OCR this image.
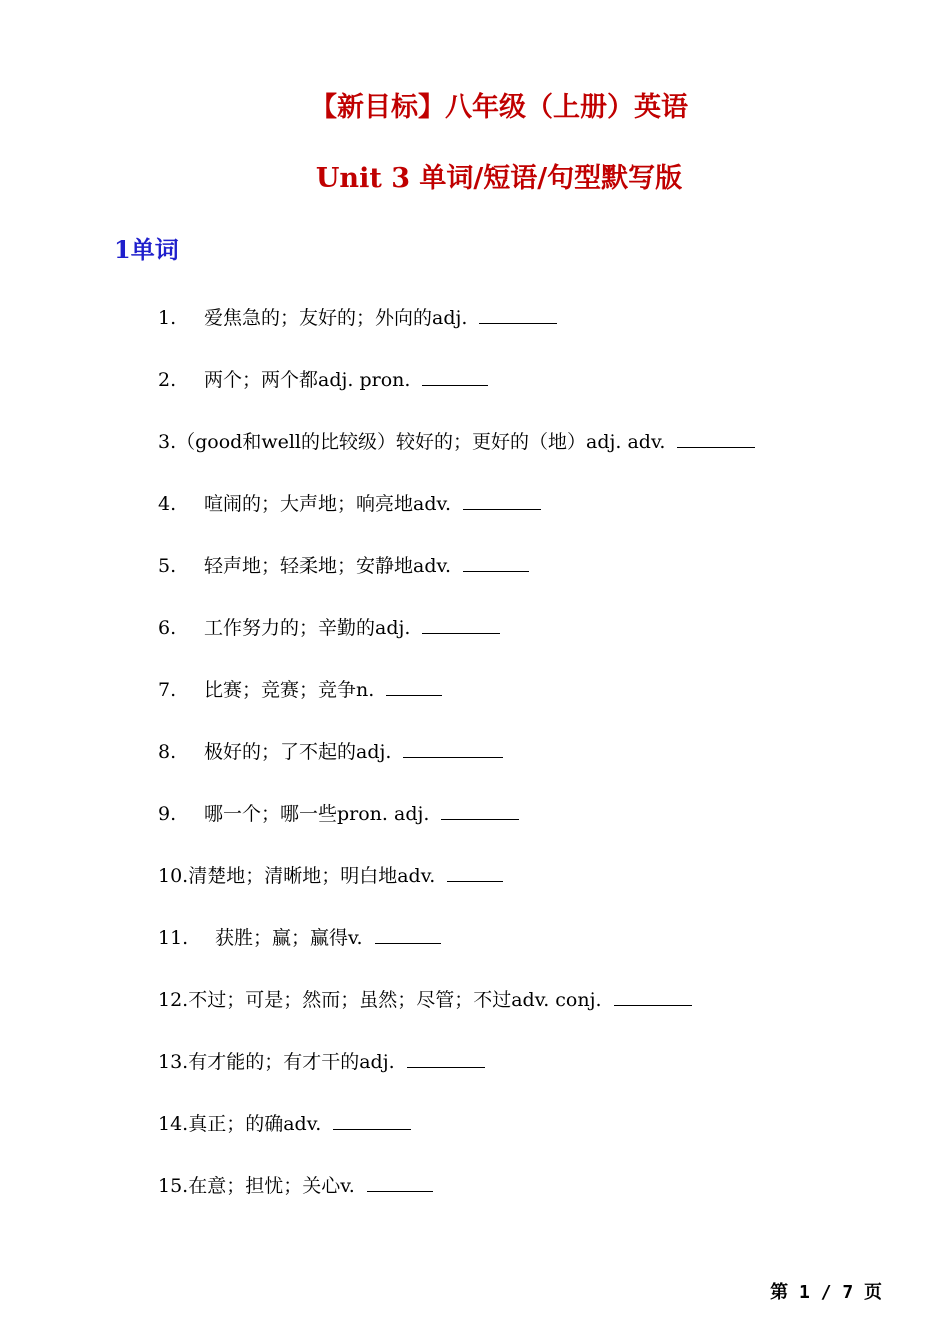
【新目标】八年级（上册）英语
Unit 3 单词/短语/句型默写版
1单词
1. 爱焦急的；友好的；外向的adj.
2. 两个；两个都adj. pron.
3.（good和well的比较级）较好的；更好的（地）adj. adv.
4. 喧闹的；大声地；响亮地adv.
5. 轻声地；轻柔地；安静地adv.
6. 工作努力的；辛勤的adj.
7. 比赛；竞赛；竞争n.
8. 极好的；了不起的adj.
9. 哪一个；哪一些pron. adj.
10.清楚地；清晰地；明白地adv.
11. 获胜；赢；赢得v.
12.不过；可是；然而；虽然；尽管；不过adv. conj.
13.有才能的；有才干的adj.
14.真正；的确adv.
15.在意；担忧；关心v.
第 1 / 7 页
